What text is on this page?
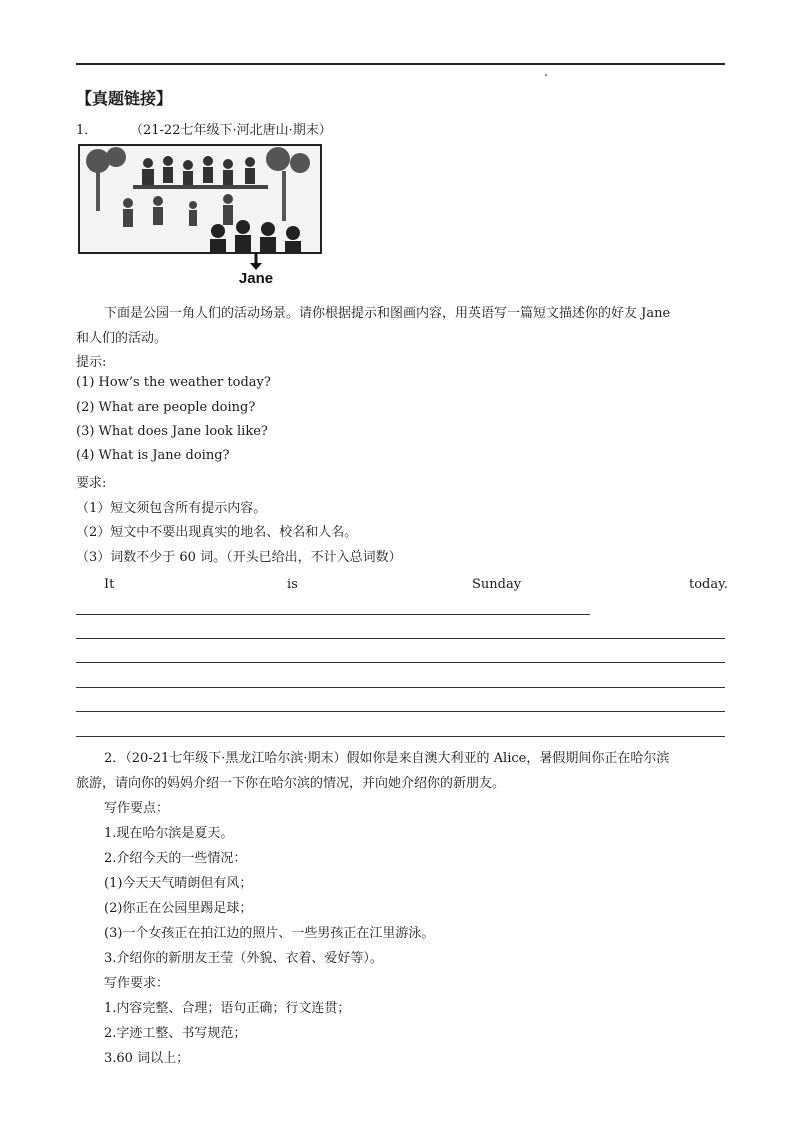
【真题链接】
1．	（21-22七年级下·河北唐山·期末）
Jane
下面是公园一角人们的活动场景。请你根据提示和图画内容，用英语写一篇短文描述你的好友 Jane
和人们的活动。
提示:
(1) How’s the weather today?
(2) What are people doing?
(3) What does Jane look like?
(4) What is Jane doing?
要求:
（1）短文须包含所有提示内容。
（2）短文中不要出现真实的地名、校名和人名。
（3）词数不少于 60 词。（开头已给出，不计入总词数）
It	is	Sunday	today.
2．（20-21七年级下·黑龙江哈尔滨·期末）假如你是来自澳大利亚的 Alice，暑假期间你正在哈尔滨
旅游，请向你的妈妈介绍一下你在哈尔滨的情况，并向她介绍你的新朋友。
写作要点：
1.现在哈尔滨是夏天。
2.介绍今天的一些情况：
(1)今天天气晴朗但有风；
(2)你正在公园里踢足球；
(3)一个女孩正在拍江边的照片、一些男孩正在江里游泳。
3.介绍你的新朋友王莹（外貌、衣着、爱好等）。
写作要求：
1.内容完整、合理；语句正确；行文连贯；
2.字迹工整、书写规范；
3.60 词以上；
